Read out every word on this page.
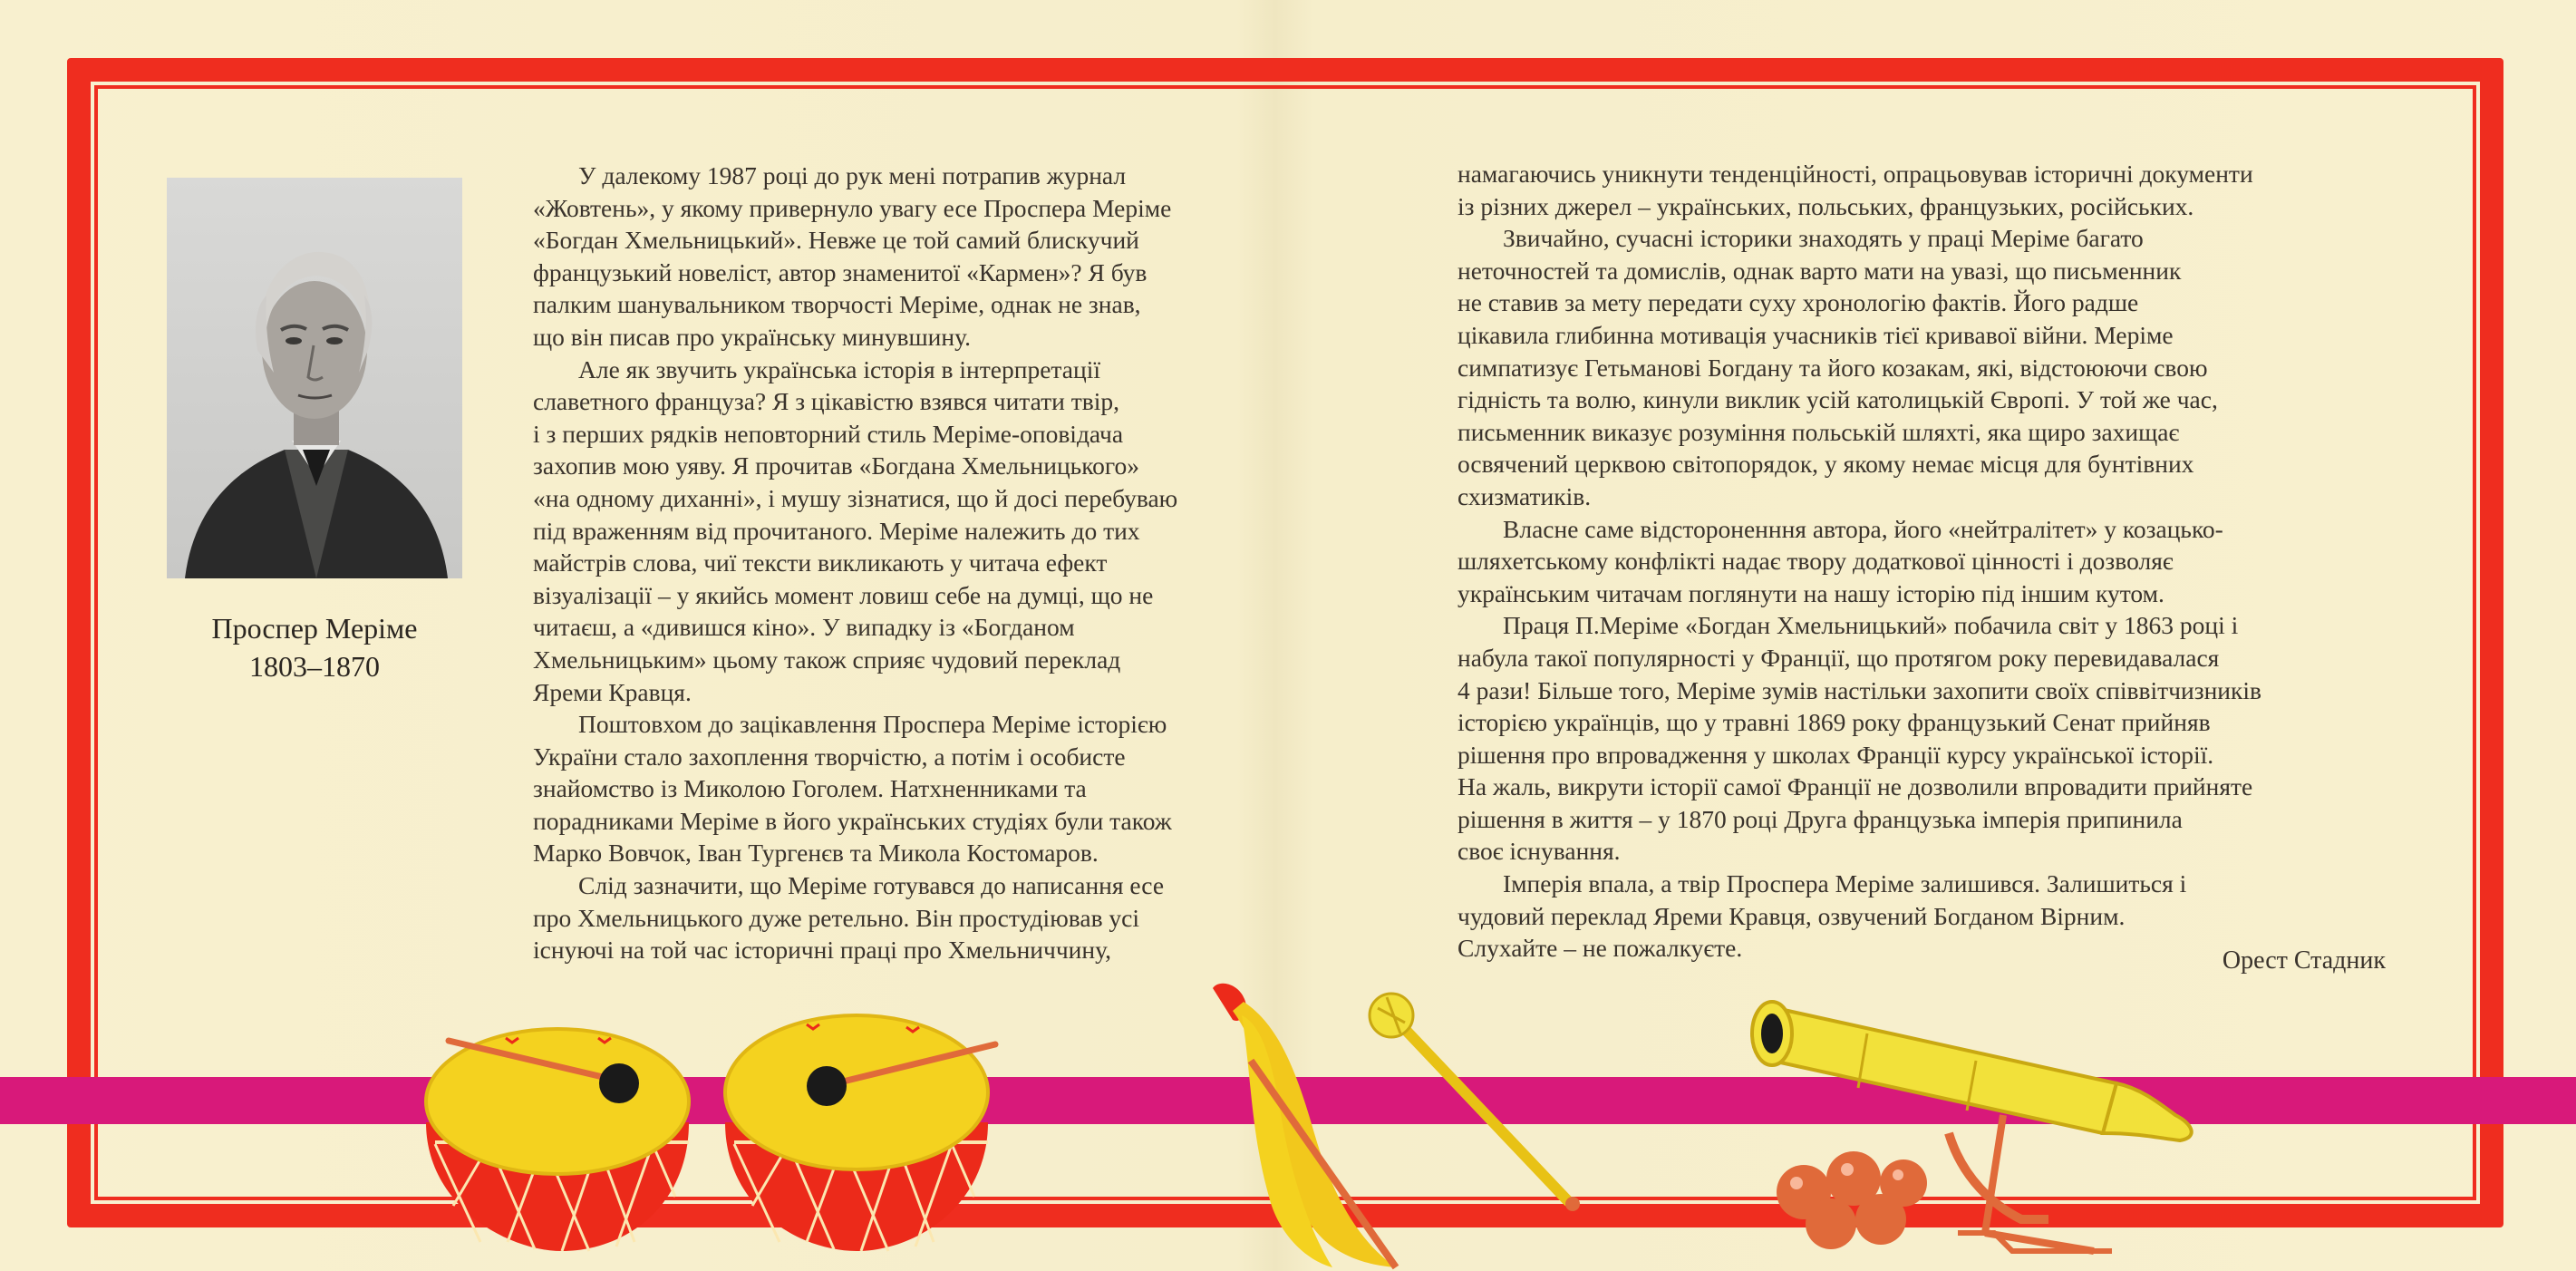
Проспер Меріме
1803–1870
У далекому 1987 році до рук мені потрапив журнал
«Жовтень», у якому привернуло увагу есе Проспера Меріме
«Богдан Хмельницький». Невже це той самий блискучий
французький новеліст, автор знаменитої «Кармен»? Я був
палким шанувальником творчості Меріме, однак не знав,
що він писав про українську минувшину.
Але як звучить українська історія в інтерпретації
славетного француза? Я з цікавістю взявся читати твір,
і з перших рядків неповторний стиль Меріме-оповідача
захопив мою уяву. Я прочитав «Богдана Хмельницького»
«на одному диханні», і мушу зізнатися, що й досі перебуваю
під враженням від прочитаного. Меріме належить до тих
майстрів слова, чиї тексти викликають у читача ефект
візуалізації – у якийсь момент ловиш себе на думці, що не
читаєш, а «дивишся кіно». У випадку із «Богданом
Хмельницьким» цьому також сприяє чудовий переклад
Яреми Кравця.
Поштовхом до зацікавлення Проспера Меріме історією
України стало захоплення творчістю, а потім і особисте
знайомство із Миколою Гоголем. Натхненниками та
порадниками Меріме в його українських студіях були також
Марко Вовчок, Іван Тургенєв та Микола Костомаров.
Слід зазначити, що Меріме готувався до написання есе
про Хмельницького дуже ретельно. Він простудіював усі
існуючі на той час історичні праці про Хмельниччину,
намагаючись уникнути тенденційності, опрацьовував історичні документи
із різних джерел – українських, польських, французьких, російських.
Звичайно, сучасні історики знаходять у праці Меріме багато
неточностей та домислів, однак варто мати на увазі, що письменник
не ставив за мету передати суху хронологію фактів. Його радше
цікавила глибинна мотивація учасників тієї кривавої війни. Меріме
симпатизує Гетьманові Богдану та його козакам, які, відстоюючи свою
гідність та волю, кинули виклик усій католицькій Європі. У той же час,
письменник виказує розуміння польській шляхті, яка щиро захищає
освячений церквою світопорядок, у якому немає місця для бунтівних
схизматиків.
Власне саме відстороненння автора, його «нейтралітет» у козацько-
шляхетському конфлікті надає твору додаткової цінності і дозволяє
українським читачам поглянути на нашу історію під іншим кутом.
Праця П.Меріме «Богдан Хмельницький» побачила світ у 1863 році і
набула такої популярності у Франції, що протягом року перевидавалася
4 рази! Більше того, Меріме зумів настільки захопити своїх співвітчизників
історією українців, що у травні 1869 року французький Сенат прийняв
рішення про впровадження у школах Франції курсу української історії.
На жаль, викрути історії самої Франції не дозволили впровадити прийняте
рішення в життя – у 1870 році Друга французька імперія припинила
своє існування.
Імперія впала, а твір Проспера Меріме залишився. Залишиться і
чудовий переклад Яреми Кравця, озвучений Богданом Вірним.
Слухайте – не пожалкуєте.	Орест Стадник
